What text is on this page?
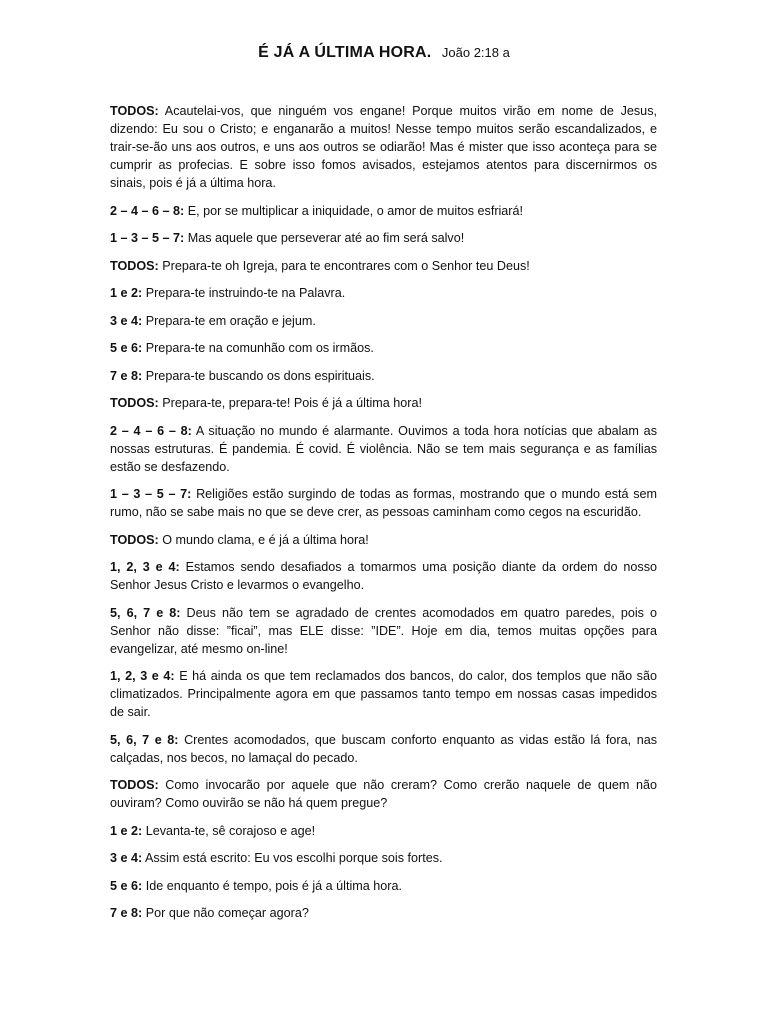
É JÁ A ÚLTIMA HORA. João 2:18 a

TODOS: Acautelai-vos, que ninguém vos engane! Porque muitos virão em nome de Jesus, dizendo: Eu sou o Cristo; e enganarão a muitos! Nesse tempo muitos serão escandalizados, e trair-se-ão uns aos outros, e uns aos outros se odiarão! Mas é mister que isso aconteça para se cumprir as profecias. E sobre isso fomos avisados, estejamos atentos para discernirmos os sinais, pois é já a última hora.

2 – 4 – 6 – 8: E, por se multiplicar a iniquidade, o amor de muitos esfriará!

1 – 3 – 5 – 7: Mas aquele que perseverar até ao fim será salvo!

TODOS: Prepara-te oh Igreja, para te encontrares com o Senhor teu Deus!

1 e 2: Prepara-te instruindo-te na Palavra.

3 e 4: Prepara-te em oração e jejum.

5 e 6: Prepara-te na comunhão com os irmãos.

7 e 8: Prepara-te buscando os dons espirituais.

TODOS: Prepara-te, prepara-te! Pois é já a última hora!

2 – 4 – 6 – 8: A situação no mundo é alarmante. Ouvimos a toda hora notícias que abalam as nossas estruturas. É pandemia. É covid. É violência. Não se tem mais segurança e as famílias estão se desfazendo.

1 – 3 – 5 – 7: Religiões estão surgindo de todas as formas, mostrando que o mundo está sem rumo, não se sabe mais no que se deve crer, as pessoas caminham como cegos na escuridão.

TODOS: O mundo clama, e é já a última hora!

1, 2, 3 e 4: Estamos sendo desafiados a tomarmos uma posição diante da ordem do nosso Senhor Jesus Cristo e levarmos o evangelho.

5, 6, 7 e 8: Deus não tem se agradado de crentes acomodados em quatro paredes, pois o Senhor não disse: ”ficai”, mas ELE disse: ”IDE”. Hoje em dia, temos muitas opções para evangelizar, até mesmo on-line!

1, 2, 3 e 4: E há ainda os que tem reclamados dos bancos, do calor, dos templos que não são climatizados. Principalmente agora em que passamos tanto tempo em nossas casas impedidos de sair.

5, 6, 7 e 8: Crentes acomodados, que buscam conforto enquanto as vidas estão lá fora, nas calçadas, nos becos, no lamaçal do pecado.

TODOS: Como invocarão por aquele que não creram? Como crerão naquele de quem não ouviram? Como ouvirão se não há quem pregue?

1 e 2: Levanta-te, sê corajoso e age!

3 e 4: Assim está escrito: Eu vos escolhi porque sois fortes.

5 e 6: Ide enquanto é tempo, pois é já a última hora.

7 e 8: Por que não começar agora?
